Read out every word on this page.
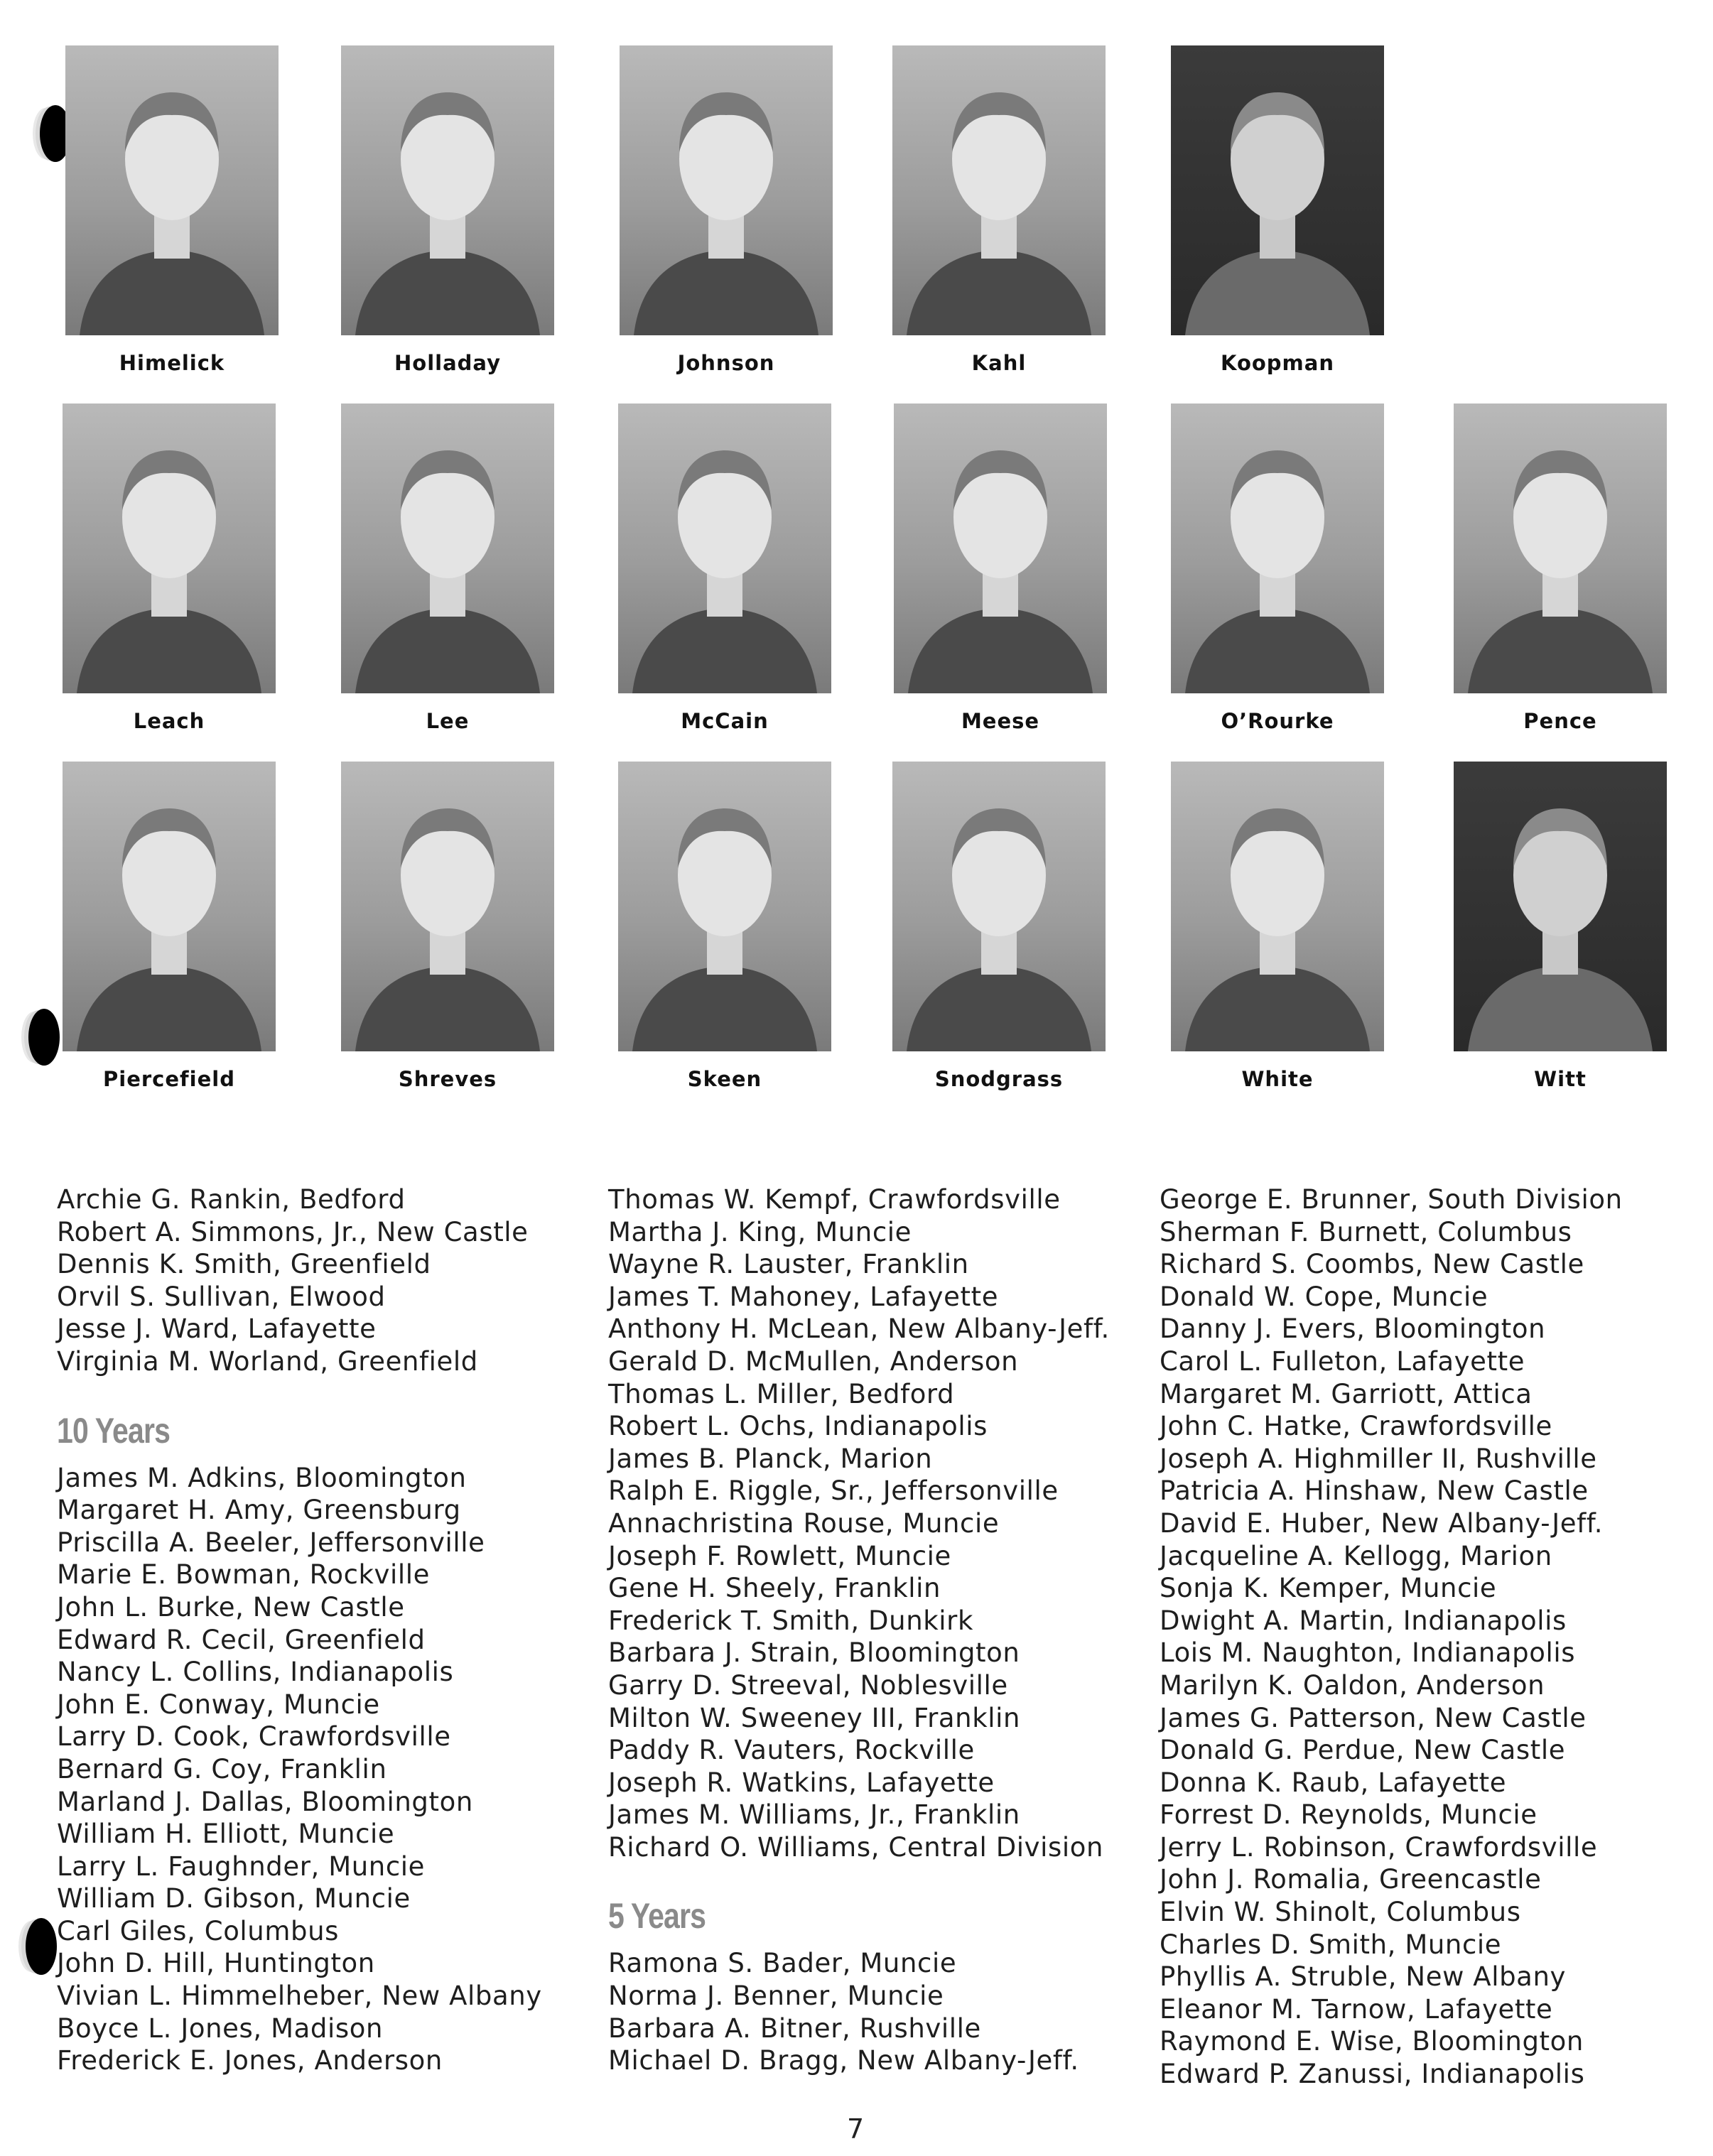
Himelick	Holladay	Johnson	Kahl	Koopman
Leach	Lee	McCain	Meese	O’Rourke	Pence
Piercefield	Shreves	Skeen	Snodgrass	White	Witt
Archie G. Rankin, Bedford
Robert A. Simmons, Jr., New Castle
Dennis K. Smith, Greenfield
Orvil S. Sullivan, Elwood
Jesse J. Ward, Lafayette
Virginia M. Worland, Greenfield
10 Years
James M. Adkins, Bloomington
Margaret H. Amy, Greensburg
Priscilla A. Beeler, Jeffersonville
Marie E. Bowman, Rockville
John L. Burke, New Castle
Edward R. Cecil, Greenfield
Nancy L. Collins, Indianapolis
John E. Conway, Muncie
Larry D. Cook, Crawfordsville
Bernard G. Coy, Franklin
Marland J. Dallas, Bloomington
William H. Elliott, Muncie
Larry L. Faughnder, Muncie
William D. Gibson, Muncie
Carl Giles, Columbus
John D. Hill, Huntington
Vivian L. Himmelheber, New Albany
Boyce L. Jones, Madison
Frederick E. Jones, Anderson
Thomas W. Kempf, Crawfordsville
Martha J. King, Muncie
Wayne R. Lauster, Franklin
James T. Mahoney, Lafayette
Anthony H. McLean, New Albany-Jeff.
Gerald D. McMullen, Anderson
Thomas L. Miller, Bedford
Robert L. Ochs, Indianapolis
James B. Planck, Marion
Ralph E. Riggle, Sr., Jeffersonville
Annachristina Rouse, Muncie
Joseph F. Rowlett, Muncie
Gene H. Sheely, Franklin
Frederick T. Smith, Dunkirk
Barbara J. Strain, Bloomington
Garry D. Streeval, Noblesville
Milton W. Sweeney III, Franklin
Paddy R. Vauters, Rockville
Joseph R. Watkins, Lafayette
James M. Williams, Jr., Franklin
Richard O. Williams, Central Division
5 Years
Ramona S. Bader, Muncie
Norma J. Benner, Muncie
Barbara A. Bitner, Rushville
Michael D. Bragg, New Albany-Jeff.
George E. Brunner, South Division
Sherman F. Burnett, Columbus
Richard S. Coombs, New Castle
Donald W. Cope, Muncie
Danny J. Evers, Bloomington
Carol L. Fulleton, Lafayette
Margaret M. Garriott, Attica
John C. Hatke, Crawfordsville
Joseph A. Highmiller II, Rushville
Patricia A. Hinshaw, New Castle
David E. Huber, New Albany-Jeff.
Jacqueline A. Kellogg, Marion
Sonja K. Kemper, Muncie
Dwight A. Martin, Indianapolis
Lois M. Naughton, Indianapolis
Marilyn K. Oaldon, Anderson
James G. Patterson, New Castle
Donald G. Perdue, New Castle
Donna K. Raub, Lafayette
Forrest D. Reynolds, Muncie
Jerry L. Robinson, Crawfordsville
John J. Romalia, Greencastle
Elvin W. Shinolt, Columbus
Charles D. Smith, Muncie
Phyllis A. Struble, New Albany
Eleanor M. Tarnow, Lafayette
Raymond E. Wise, Bloomington
Edward P. Zanussi, Indianapolis
7
